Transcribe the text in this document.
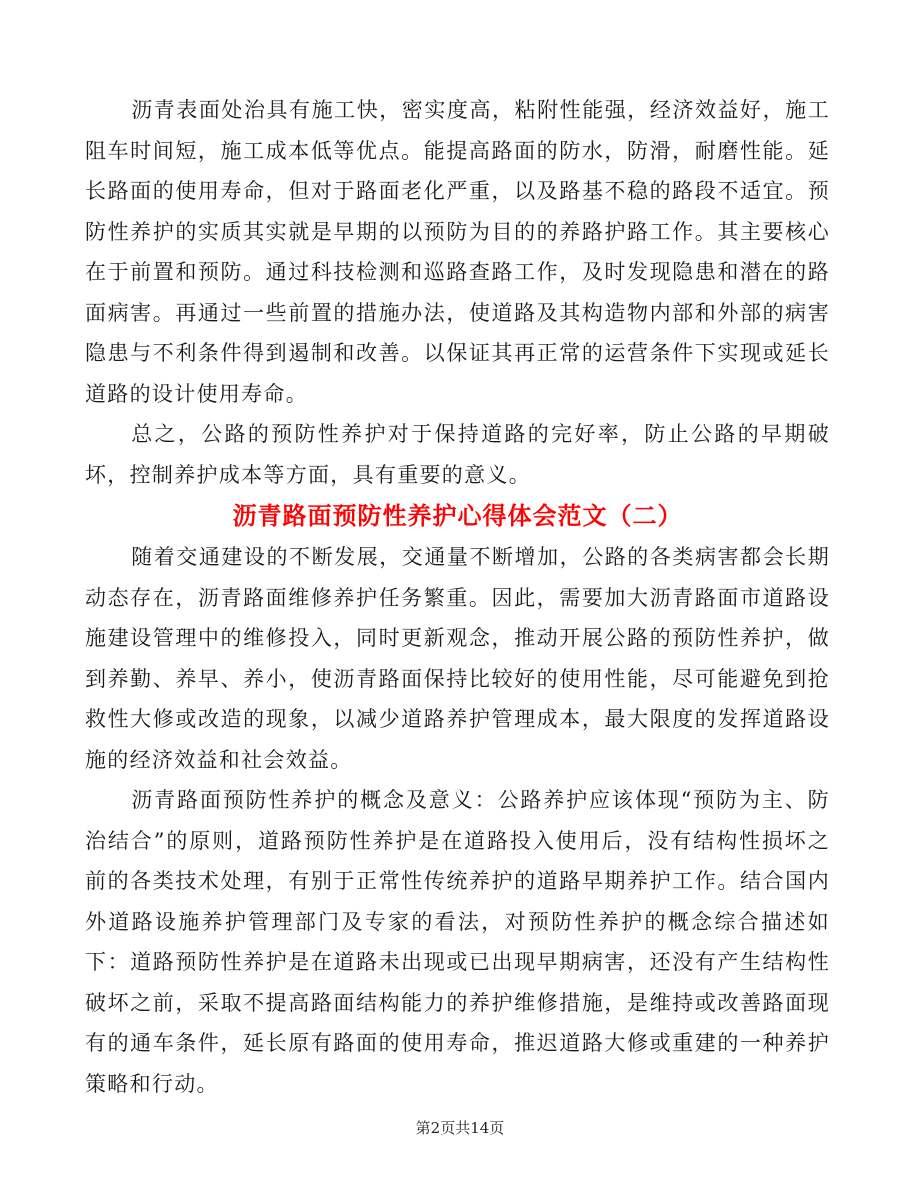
沥青表面处治具有施工快，密实度高，粘附性能强，经济效益好，施工阻车时间短，施工成本低等优点。能提高路面的防水，防滑，耐磨性能。延长路面的使用寿命，但对于路面老化严重，以及路基不稳的路段不适宜。预防性养护的实质其实就是早期的以预防为目的的养路护路工作。其主要核心在于前置和预防。通过科技检测和巡路查路工作，及时发现隐患和潜在的路面病害。再通过一些前置的措施办法，使道路及其构造物内部和外部的病害隐患与不利条件得到遏制和改善。以保证其再正常的运营条件下实现或延长道路的设计使用寿命。

总之，公路的预防性养护对于保持道路的完好率，防止公路的早期破坏，控制养护成本等方面，具有重要的意义。

沥青路面预防性养护心得体会范文（二）

随着交通建设的不断发展，交通量不断增加，公路的各类病害都会长期动态存在，沥青路面维修养护任务繁重。因此，需要加大沥青路面市道路设施建设管理中的维修投入，同时更新观念，推动开展公路的预防性养护，做到养勤、养早、养小，使沥青路面保持比较好的使用性能，尽可能避免到抢救性大修或改造的现象，以减少道路养护管理成本，最大限度的发挥道路设施的经济效益和社会效益。

沥青路面预防性养护的概念及意义：公路养护应该体现“预防为主、防治结合”的原则，道路预防性养护是在道路投入使用后，没有结构性损坏之前的各类技术处理，有别于正常性传统养护的道路早期养护工作。结合国内外道路设施养护管理部门及专家的看法，对预防性养护的概念综合描述如下：道路预防性养护是在道路未出现或已出现早期病害，还没有产生结构性破坏之前，采取不提高路面结构能力的养护维修措施，是维持或改善路面现有的通车条件，延长原有路面的使用寿命，推迟道路大修或重建的一种养护策略和行动。

第2页共14页
